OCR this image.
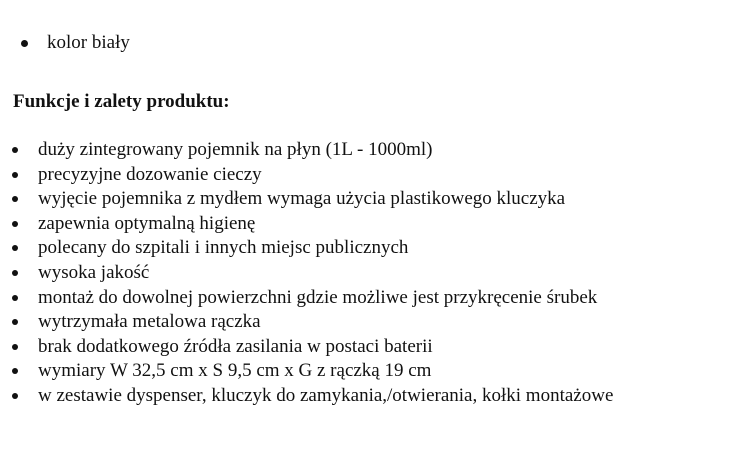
kolor biały
Funkcje i zalety produktu:
duży zintegrowany pojemnik na płyn (1L - 1000ml)
precyzyjne dozowanie cieczy
wyjęcie pojemnika z mydłem wymaga użycia plastikowego kluczyka
zapewnia optymalną higienę
polecany do szpitali i innych miejsc publicznych
wysoka jakość
montaż do dowolnej powierzchni gdzie możliwe jest przykręcenie śrubek
wytrzymała metalowa rączka
brak dodatkowego źródła zasilania w postaci baterii
wymiary W 32,5 cm x S 9,5 cm x G z rączką 19 cm
w zestawie dyspenser, kluczyk do zamykania,/otwierania, kołki montażowe
